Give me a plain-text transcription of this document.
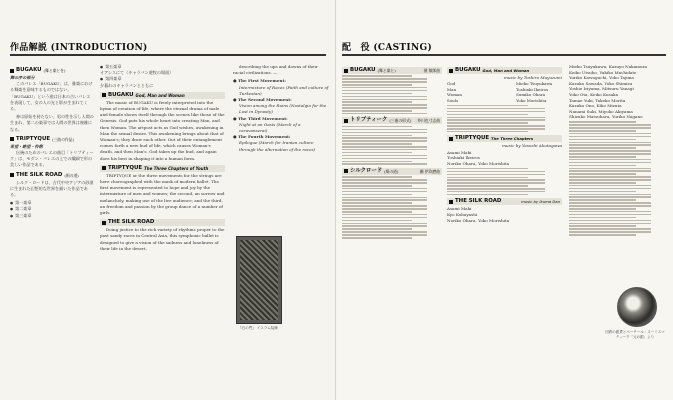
作品解説 (INTRODUCTION)
BUGAKU (舞と楽とを)
舞の序の部分

このバレエ「BUGAKU」は、雅楽における舞楽を意味するものではない。「BUGAKU」という曲は日本の古いバレエを表現して、女の人の光と影が生まれてくる。

神は原始を持たない、男の性を示し人間の生まれ、第二の楽章では人間の世界は複雑になる。

TRIPTYQUE (三曲の作品)
希望・絶望・怜悧

伝統のためのバレエの曲目「トリプティーク」は、モダン・バレエの上での繊細で形の美しい作品である。

THE SILK ROAD (絹の道)

シルク・ロードは、古代中央アジアの砂漠に生まれた幻想的な世界を描いた作品である。

● 第一楽章
● 第二楽章
● 第三楽章
● 第五楽章
オアシスにて（キャラバン遊牧の場面）
● 第四楽章
夕暮れのキャラバンとともに
BUGAKU God, Man and Woman

The music of BUGAKU is freely interpreted into the hymn of creation of life, where the eternal drama of male and female shows itself through the scenes like those of the Genesis. God puts his whole heart into creating Man, and then Woman. The artpost acts as God wishes, awakening in Man the sexual desire. This awakening brings about that of Woman's; they draw each other. Out of their entanglement comes forth a new bud of life, which causes Woman's death, and then Man's. God takes up the bud, and again does his best in shaping it into a human form.

TRIPTYQUE The Three Chapters of Youth

TRIPTYQUE or the three movements for the strings are here choreographed with the mask of modern ballet. The first movement is represented to hope and joy by the intermixture of men and women; the second, an sorrow and melancholy, making use of the live audience; and the third, an freedom and passion by the group dance of a number of girls.

THE SILK ROAD

Doing justice to the rich variety of rhythms proper to the past sandy races in Central Asia, this symphonic ballet is designed to give a vision of the sadness and loneliness of their life in the desert,

describing the ups and downs of their racial civilizations. —

● The First Movement:
Intermixture of Races (Faith and culture of Turkestan)
● The Second Movement:
Vision among the Ruins (Nostalgia for the Lost in Dynasty)
● The Third Movement:
Night at an Oasis (March of a caravanserai)
● The Fourth Movement:
Epilogue (March for Iranian culture through the alternation of the races)
『石の門』 イスラム装飾
配　役 (CASTING)
BUGAKU (舞と楽と)	黛 敏郎曲
トリプティーク (三曲の形式) 芥川也寸志曲
シルクロード (絹の道)	團 伊玖磨曲
BUGAKU God, Man and Woman
music by Toshiro Mayuzumi
God	Mieko Tsuyukawa
Man	Toshiaki Ikeiros
Woman	Sumiko Obara
Souls	Yoko Morishita
TRIPTYQUE The Three Chapters
music by Yasushi Akutagawa
Asami Maki
Toshiaki Ikeiros
Noriko Ohara, Yoko Morishita
THE SILK ROAD	music by Ikuma Dan
Asami Maki
Kyo Kobayashi
Noriko Ohara, Yoko Morishita
Mieko Tsuyukawa, Kazuyo Nakamura
Keiko Utsubo, Yukiko Machidate
Yuriko Kawaguchi, Yoko Tajima
Kazuko Sawada, Yoko Shimizu
Yoshie Iriyama, Mitsuru Yanagi
Yoko Ota, Keiko Kusaka
Tamae Yuki, Takeko Morita
Kazuko Ono, Kiko Mizuta
Nanami Suki, Miyoko Akiyama
Shizuko Matsubara, Yuriko Nagano
回教の銀貨とペーチール・ヌーミスマティーク「元の銀」より
